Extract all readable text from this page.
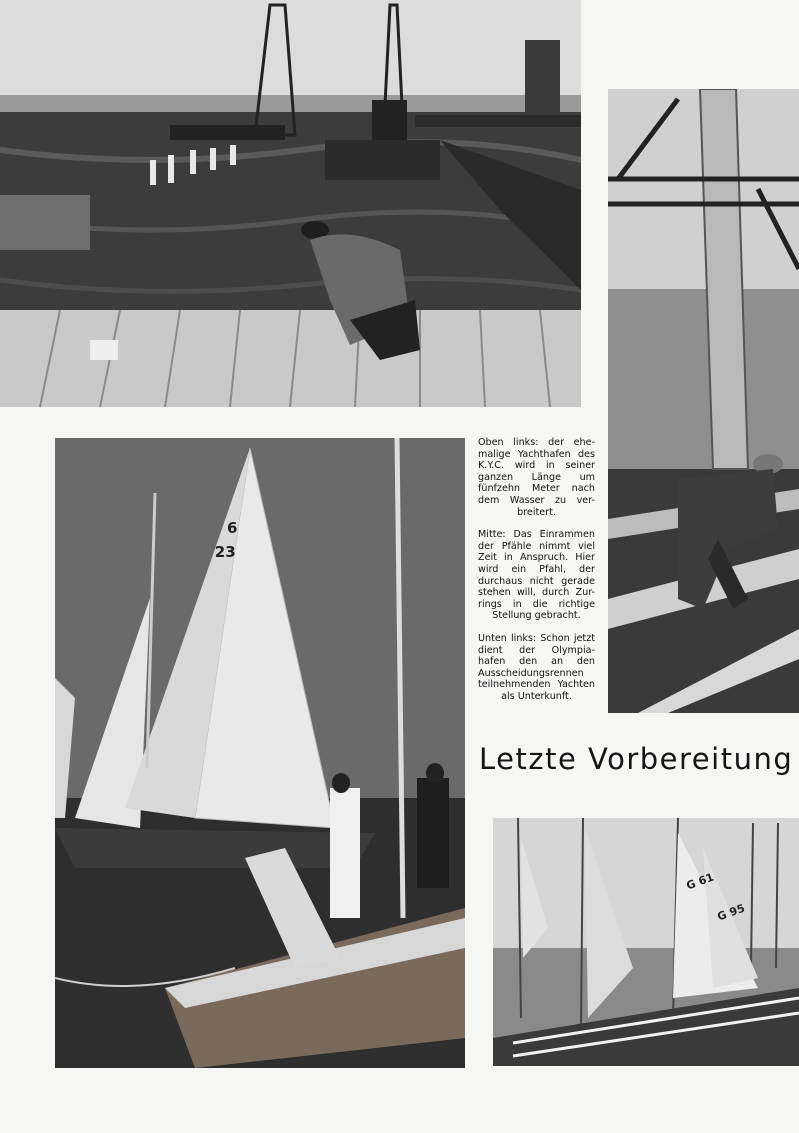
6
23
G 61
G 95

Oben links: der ehe-
malige Yachthafen des
K.Y.C. wird in seiner
ganzen Länge um
fünfzehn Meter nach
dem Wasser zu ver-
breitert.

Mitte: Das Einrammen
der Pfähle nimmt viel
Zeit in Anspruch. Hier
wird ein Pfahl, der
durchaus nicht gerade
stehen will, durch Zur-
rings in die richtige
Stellung gebracht.

Unten links: Schon jetzt
dient der Olympia-
hafen den an den
Ausscheidungsrennen
teilnehmenden Yachten
als Unterkunft.

Letzte Vorbereitung
